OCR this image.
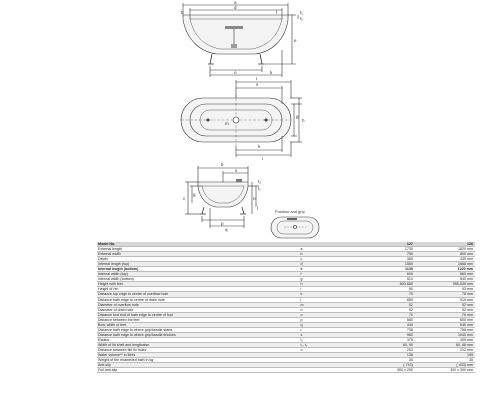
a
d
b	f	t₂
t₁
o	k
e
r
s
g
h
k
i
m
b
s
c
g
p
t₂
t₁
q
n
l
Position and grip
Model No.		127	126
External length	a	1730	1820 mm
External width	b	750	800 mm
Depth	c	385	435 mm
Internal length (top)	d	1580	1668 mm
Internal length (bottom)	e	1130	1220 mm
Internal width (top)	f	600	660 mm
Internal width (bottom)	g	510	540 mm
Height with feet	h	600-680	595-630 mm
Height of rim	i	90	93 mm
Distance top edge to centre of overflow hole	k	70	78 mm
Distance bath edge to centre of drain hole	l	850	910 mm
Diameter of overflow hole	m	52	52 mm
Diameter of drain hole	n	52	52 mm
Distance foot end of bath edge to centre of foot	o	70	76 mm
Distance between the feet	p	580	600 mm
Bow, width of feet	q	440	545 mm
Distance bath edge to where grip/handle starts	r	738	758 mm
Distance bath edge to where grip/handle finishes	s	960	1040 mm
Radius	t₁	375	400 mm
Width of lid shell and lengthwise	t₁, t₂	60, 90	60, 68 mm
Distance between tile fix holes	u	203	212 mm
Water volume** in litres		136	195
Weight of the enamelled bath in kg		30	35
Anti-slip		(-743)	(-433) mm
Full anti-slip		300 x 200	300 x 300 mm
